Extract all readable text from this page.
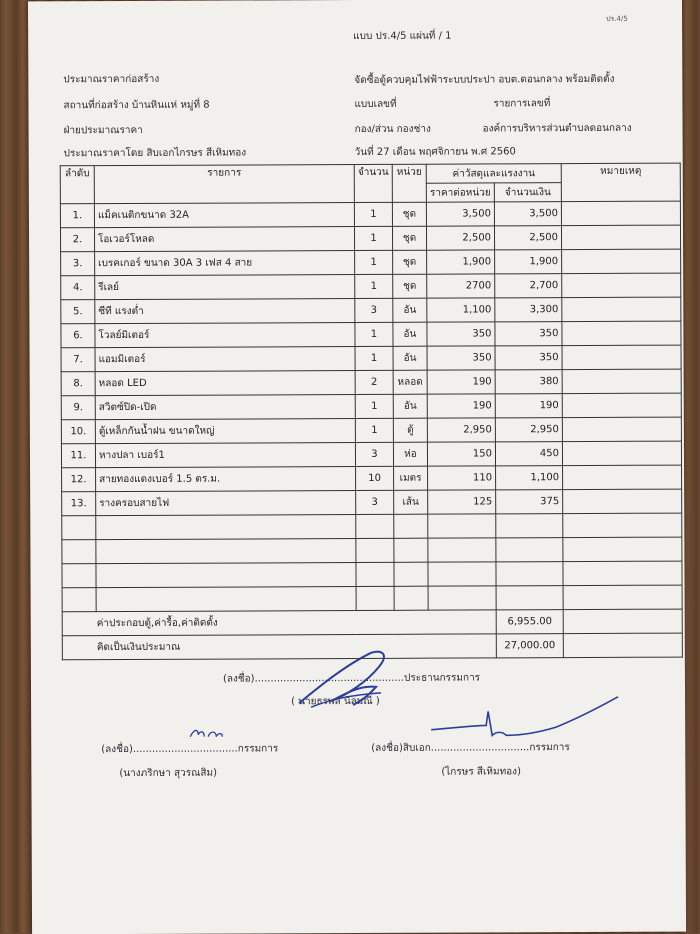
ปร.4/5
แบบ ปร.4/5 แผ่นที่ / 1
ประมาณราคาก่อสร้าง
สถานที่ก่อสร้าง บ้านหินแห่ หมู่ที่ 8
ฝ่ายประมาณราคา
ประมาณราคาโดย สิบเอกไกรษร สีเหิมทอง
จัดซื้อตู้ควบคุมไฟฟ้าระบบประปา อบต.ดอนกลาง พร้อมติดตั้ง
แบบเลขที่	รายการเลขที่
กอง/ส่วน กองช่าง	องค์การบริหารส่วนตำบลดอนกลาง
วันที่ 27 เดือน พฤศจิกายน พ.ศ 2560
ลำดับ	รายการ	จำนวน	หน่วย	ค่าวัสดุและแรงงาน		หมายเหตุ
				ราคาต่อหน่วย	จำนวนเงิน	
1.	แม็คเนติกขนาด 32A	1	ชุด	3,500	3,500	
2.	โอเวอร์โหลด	1	ชุด	2,500	2,500	
3.	เบรคเกอร์ ขนาด 30A 3 เฟส 4 สาย	1	ชุด	1,900	1,900	
4.	รีเลย์	1	ชุด	2700	2,700	
5.	ซีที แรงต่ำ	3	อัน	1,100	3,300	
6.	โวลย์มิเตอร์	1	อัน	350	350	
7.	แอมมิเตอร์	1	อัน	350	350	
8.	หลอด LED	2	หลอด	190	380	
9.	สวิตซ์ปิด-เปิด	1	อัน	190	190	
10.	ตู้เหล็กกันน้ำฝน ขนาดใหญ่	1	ตู้	2,950	2,950	
11.	หางปลา เบอร์1	3	ห่อ	150	450	
12.	สายทองแดงเบอร์ 1.5 ตร.ม.	10	เมตร	110	1,100	
13.	รางครอบสายไฟ	3	เส้น	125	375	

ค่าประกอบตู้,ค่ารื้อ,ค่าติดตั้ง					6,955.00	
คิดเป็นเงินประมาณ					27,000.00	
(ลงชื่อ)...............................................ประธานกรรมการ
( นายธรพล นิลมณี )
(ลงชื่อ).................................กรรมการ
(นางภริกษา สุวรณสิม)
(ลงชื่อ)สิบเอก...............................กรรมการ
(ไกรษร สีเหิมทอง)
